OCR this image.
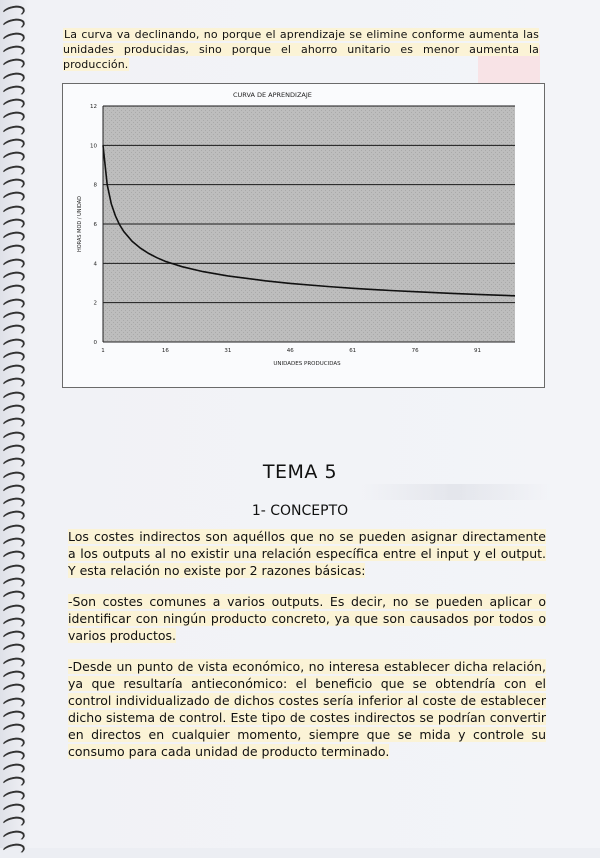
La curva va declinando, no porque el aprendizaje se elimine conforme aumenta las unidades producidas, sino porque el ahorro unitario es menor aumenta la producción.
0
2
4
6
8
10
12
1	16	31	46	61	76	91
CURVA DE APRENDIZAJE
UNIDADES PRODUCIDAS
HORAS MOD / UNIDAD
TEMA 5
1- CONCEPTO
Los costes indirectos son aquéllos que no se pueden asignar directamente a los outputs al no existir una relación específica entre el input y el output. Y esta relación no existe por 2 razones básicas:
-Son costes comunes a varios outputs. Es decir, no se pueden aplicar o identificar con ningún producto concreto, ya que son causados por todos o varios productos.
-Desde un punto de vista económico, no interesa establecer dicha relación, ya que resultaría antieconómico: el beneficio que se obtendría con el control individualizado de dichos costes sería inferior al coste de establecer dicho sistema de control. Este tipo de costes indirectos se podrían convertir en directos en cualquier momento, siempre que se mida y controle su consumo para cada unidad de producto terminado.
